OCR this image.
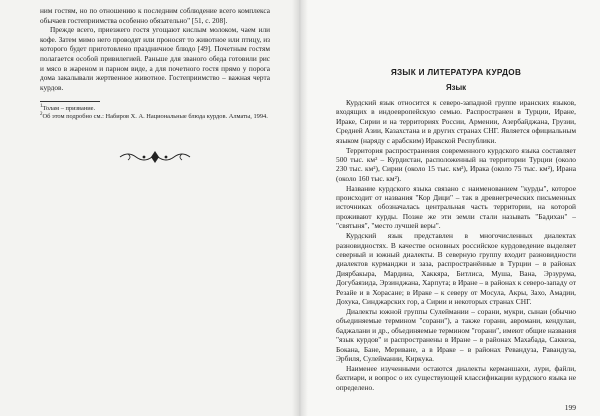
ним гостям, но по отношению к последним соблюдение всего комплекса обычаев гостеприимства особенно обязательно" [51, с. 208].

Прежде всего, приезжего гостя угощают кислым молоком, чаем или кофе. Затем мимо него проводят или проносят то животное или птицу, из которого будет приготовлено праздничное блюдо [49]. Почетным гостям полагается особой привилегией. Раньше для званого обеда готовили рис и мясо в жареном и парном виде, а для почетного гостя прямо у порога дома закалывали жертвенное животное. Гостеприимство – важная черта курдов.

$^1$Толам – призвание.

$^2$Об этом подробно см.: Набиров Х. А. Национальные блюда курдов. Алматы, 1994.

ЯЗЫК И ЛИТЕРАТУРА КУРДОВ
Язык

Курдский язык относится к северо-западной группе иранских языков, входящих в индоевропейскую семью. Распространен в Турции, Иране, Ираке, Сирии и на территориях России, Армении, Азербайджана, Грузии, Средней Азии, Казахстана и в других странах СНГ. Является официальным языком (наряду с арабским) Иракской Республики.

Территория распространения современного курдского языка составляет 500 тыс. км² – Курдистан, расположенный на территории Турции (около 230 тыс. км²), Сирии (около 15 тыс. км²), Ирака (около 75 тыс. км²), Ирана (около 160 тыс. км²).

Название курдского языка связано с наименованием "курды", которое происходит от названия "Кор Дици" – так в древнегреческих письменных источниках обозначалась центральная часть территории, на которой проживают курды. Позже же эти земли стали называть "Бадихан" – "святыня", "место лучшей веры".

Курдский язык представлен в многочисленных диалектах разновидностях. В качестве основных российское курдоведение выделяет северный и южный диалекты. В северную группу входит разновидности диалектов курманджи и заза, распространённые в Турции – в районах Диярбакыра, Мардина, Хаккяра, Битлиса, Муша, Вана, Эрзурума, Догубаязида, Эрзинджана, Харпута; в Иране – в районах к северо-западу от Резайе и в Хорасане; в Ираке – к северу от Мосула, Акры, Захо, Амадии, Дохука, Синджарских гор, а Сирии и некоторых странах СНГ.

Диалекты южной группы Сулеймании – сорани, мукри, сынаи (обычно объединяемые термином "сорани"), а также горани, авромани, кендулаи, баджалани и др., объединяемые термином "горани", имеют общие названия "язык курдов" и распространены в Иране – в районах Махабада, Саккеза, Бокана, Бане, Мериване, а в Ираке – в районах Ревандуза, Равандуза, Эрбиля, Сулеймании, Киркука.

Наименее изученными остаются диалекты керманшахи, лури, файли, бахтиари, и вопрос о их существующей классификации курдского языка не определено.

199
